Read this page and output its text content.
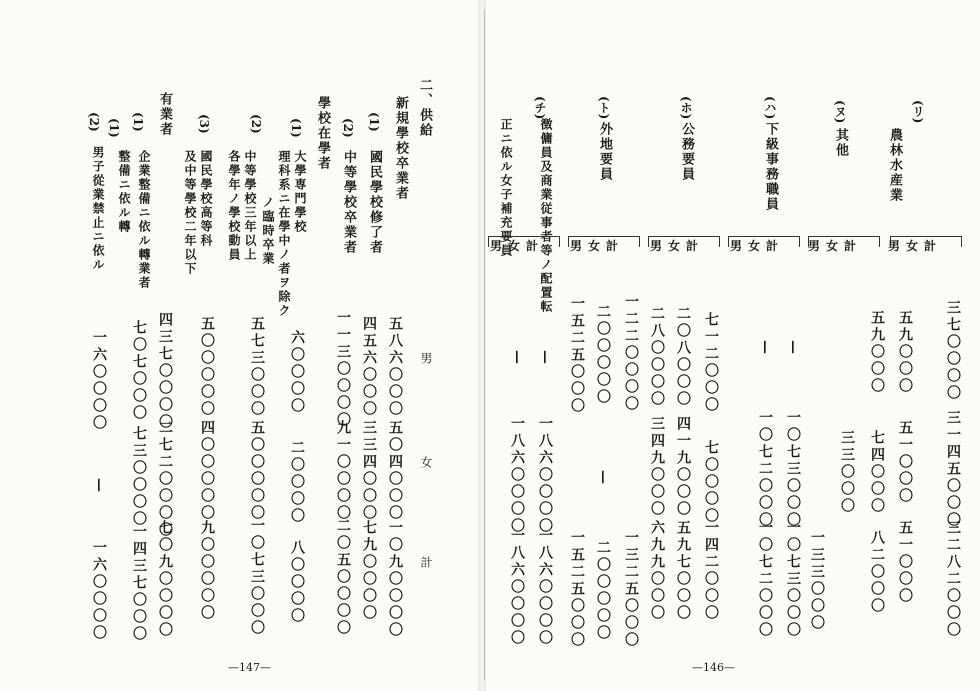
二、供給
男
女
計
新規學校卒業者
(1)
國民學校修了者
五八六〇〇〇
五〇四〇〇〇
一〇九〇〇〇〇
(2)
中等學校卒業者
四五六〇〇〇
三三四〇〇〇
七九〇〇〇〇
學校在學者
一一三〇〇〇〇
九一〇〇〇〇
二〇五〇〇〇〇
(1)
大學専門學校
理科系ニ在學中ノ者ヲ除ク
ノ臨時卒業
六〇〇〇〇
二〇〇〇〇
八〇〇〇〇
(2)
中等學校三年以上
各學年ノ學校動員
五七三〇〇〇
五〇〇〇〇〇
一〇七三〇〇〇
(3)
國民學校高等科
及中等學校二年以下
五〇〇〇〇〇
四〇〇〇〇〇
九〇〇〇〇〇
有業者
(1)
企業整備ニ依ル轉業者
四三七〇〇〇〇
二七二〇〇〇〇
七〇九〇〇〇〇
(1)
整備ニ依ル轉
七〇七〇〇〇
七三〇〇〇〇
一四三七〇〇〇
(2)
男子從業禁止ニ依ル
一六〇〇〇〇
—
一六〇〇〇〇
—147—
(リ)
農林水産業
(ヌ)
其他
(ハ)
下級事務職員
(ホ)
公務要員
(ト)
外地要員
(チ)
徴傭員及商業従事者等ノ配置転
正ニ依ル女子補充要員	男女計
男女計
男女計
男女計
男女計
男女計
三七〇〇〇〇
三一四五〇〇〇
三二八二〇〇〇
五九〇〇〇
五一〇〇〇
五一〇〇〇
五九〇〇〇
七四〇〇〇
八二〇〇〇
三三〇〇〇
一三三〇〇〇
—
一〇七三〇〇〇
一〇七三〇〇〇
—
一〇七二〇〇〇
一〇七二〇〇〇
七一二〇〇〇
七〇〇〇〇
一四二〇〇〇
二〇八〇〇〇
四一九〇〇〇
五九七〇〇〇
二八〇〇〇〇
三四九〇〇〇
六九九〇〇〇
一二二〇〇〇〇
一三二五〇〇〇
二〇〇〇〇〇
—
二〇〇〇〇〇
一五二五〇〇〇
一五二五〇〇〇
—
一八六〇〇〇〇
一八六〇〇〇〇
—
一八六〇〇〇〇
一八六〇〇〇〇
—146—
